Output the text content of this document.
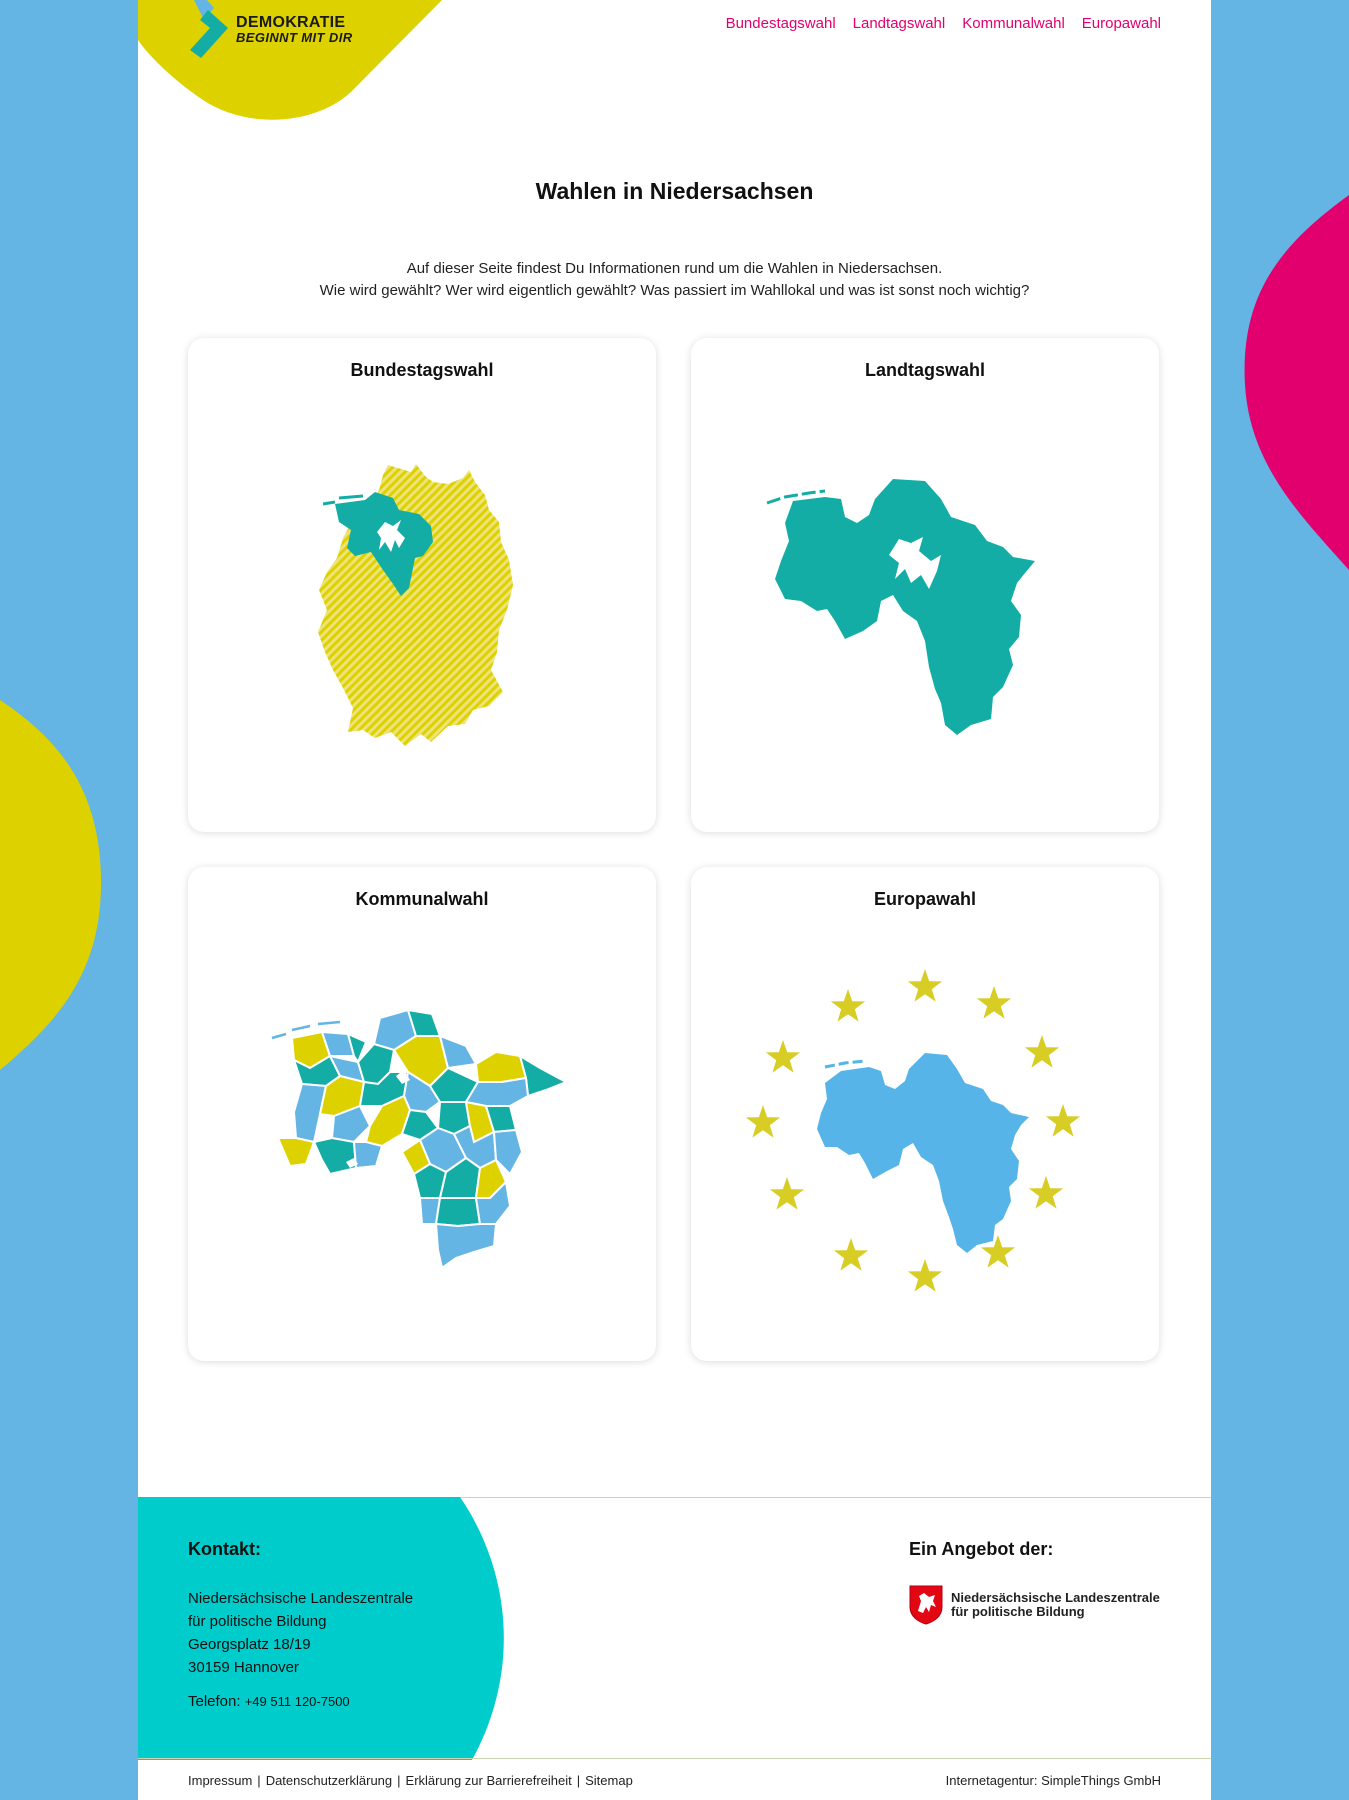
DEMOKRATIE
BEGINNT MIT DIR
Bundestagswahl Landtagswahl Kommunalwahl Europawahl
Wahlen in Niedersachsen

Auf dieser Seite findest Du Informationen rund um die Wahlen in Niedersachsen.

Wie wird gewählt? Wer wird eigentlich gewählt? Was passiert im Wahllokal und was ist sonst noch wichtig?

Bundestagswahl	Landtagswahl
Kommunalwahl	Europawahl
Kontakt:
Niedersächsische Landeszentrale
für politische Bildung
Georgsplatz 18/19
30159 Hannover
Telefon: +49 511 120-7500
Ein Angebot der:
Niedersächsische Landeszentrale
für politische Bildung
Impressum | Datenschutzerklärung | Erklärung zur Barrierefreiheit | Sitemap	Internetagentur: SimpleThings GmbH
